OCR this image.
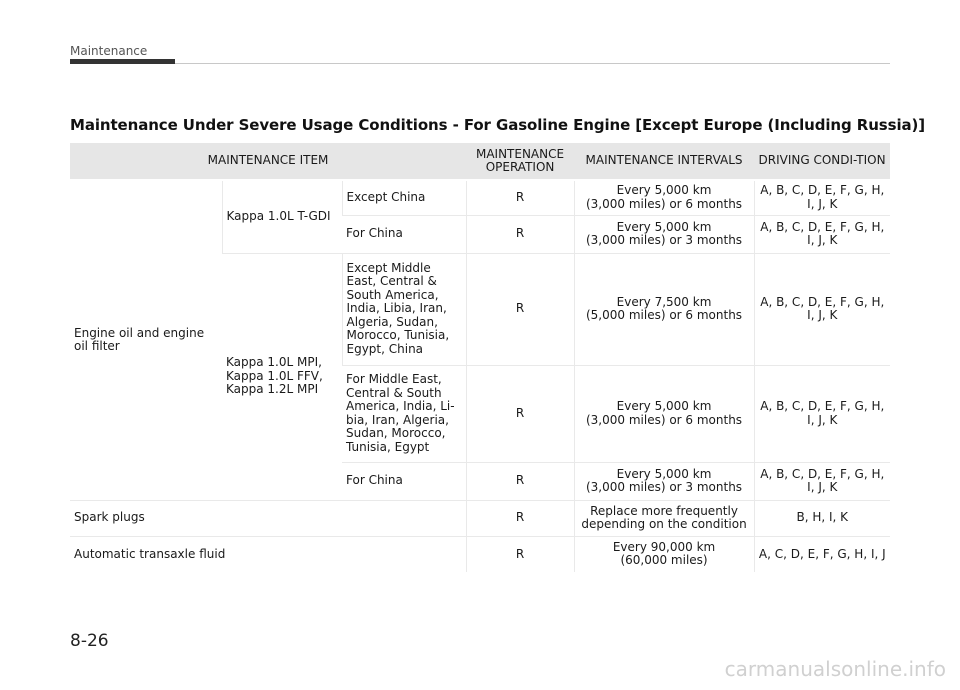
Maintenance
Maintenance Under Severe Usage Conditions - For Gasoline Engine [Except Europe (Including Russia)]
MAINTENANCE ITEM			MAINTENANCE OPERATION	MAINTENANCE INTERVALS	DRIVING CONDI-TION
Engine oil and engine oil filter	Kappa 1.0L T-GDI	Except China	R	Every 5,000 km
(3,000 miles) or 6 months	A, B, C, D, E, F, G, H, I, J, K
		For China	R	Every 5,000 km
(3,000 miles) or 3 months	A, B, C, D, E, F, G, H, I, J, K
	Kappa 1.0L MPI, Kappa 1.0L FFV, Kappa 1.2L MPI	Except Middle East, Central & South America, India, Libia, Iran, Algeria, Sudan, Morocco, Tunisia, Egypt, China	R	Every 7,500 km
(5,000 miles) or 6 months	A, B, C, D, E, F, G, H, I, J, K
		For Middle East, Central & South America, India, Li-bia, Iran, Algeria, Sudan, Morocco, Tunisia, Egypt	R	Every 5,000 km
(3,000 miles) or 6 months	A, B, C, D, E, F, G, H, I, J, K
		For China	R	Every 5,000 km
(3,000 miles) or 3 months	A, B, C, D, E, F, G, H, I, J, K
Spark plugs			R	Replace more frequently
depending on the condition	B, H, I, K
Automatic transaxle fluid			R	Every 90,000 km
(60,000 miles)	A, C, D, E, F, G, H, I, J
8-26
carmanualsonline.info
